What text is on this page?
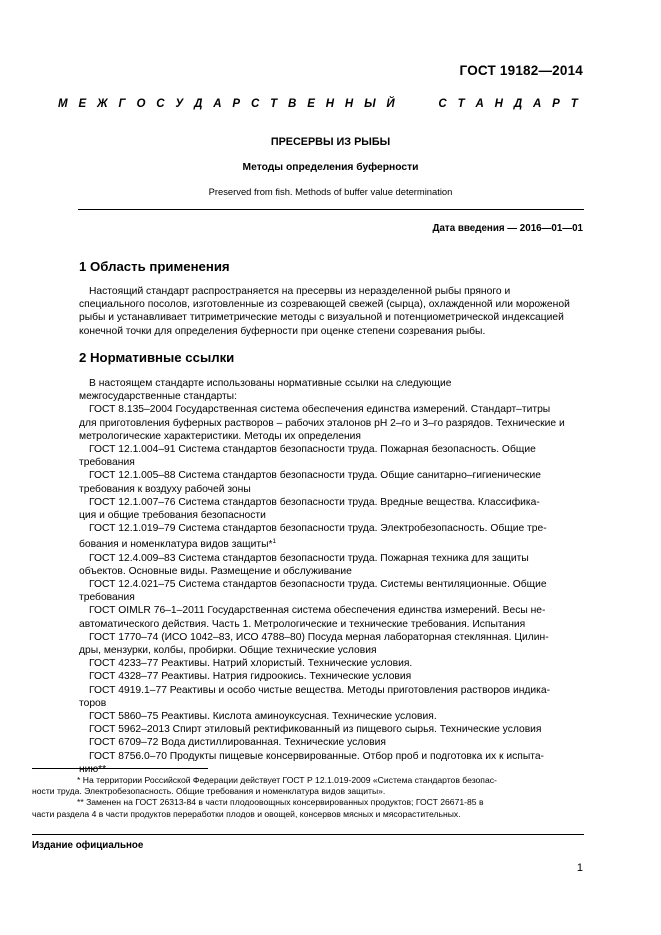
ГОСТ 19182—2014
М Е Ж Г О С У Д А Р С Т В Е Н Н Ы Й	С Т А Н Д А Р Т
ПРЕСЕРВЫ ИЗ РЫБЫ
Методы определения буферности
Preserved from fish. Methods of buffer value determination
Дата введения — 2016—01—01
1 Область применения
Настоящий стандарт распространяется на пресервы из неразделенной рыбы пряного и
специального посолов, изготовленные из созревающей свежей (сырца), охлажденной или мороженой
рыбы и устанавливает титриметрические методы с визуальной и потенциометрической индексацией
конечной точки для определения буферности при оценке степени созревания рыбы.
2 Нормативные ссылки
В настоящем стандарте использованы нормативные ссылки на следующие
межгосударственные стандарты:
ГОСТ 8.135–2004 Государственная система обеспечения единства измерений. Стандарт–титры
для приготовления буферных растворов – рабочих эталонов рН 2–го и 3–го разрядов. Технические и
метрологические характеристики. Методы их определения
ГОСТ 12.1.004–91 Система стандартов безопасности труда. Пожарная безопасность. Общие
требования
ГОСТ 12.1.005–88 Система стандартов безопасности труда. Общие санитарно–гигиенические
требования к воздуху рабочей зоны
ГОСТ 12.1.007–76 Система стандартов безопасности труда. Вредные вещества. Классифика-
ция и общие требования безопасности
ГОСТ 12.1.019–79 Система стандартов безопасности труда. Электробезопасность. Общие тре-
бования и номенклатура видов защиты*$^1$
ГОСТ 12.4.009–83 Система стандартов безопасности труда. Пожарная техника для защиты
объектов. Основные виды. Размещение и обслуживание
ГОСТ 12.4.021–75 Система стандартов безопасности труда. Системы вентиляционные. Общие
требования
ГОСТ OIMLR 76–1–2011 Государственная система обеспечения единства измерений. Весы не-
автоматического действия. Часть 1. Метрологические и технические требования. Испытания
ГОСТ 1770–74 (ИСО 1042–83, ИСО 4788–80) Посуда мерная лабораторная стеклянная. Цилин-
дры, мензурки, колбы, пробирки. Общие технические условия
ГОСТ 4233–77 Реактивы. Натрий хлористый. Технические условия.
ГОСТ 4328–77 Реактивы. Натрия гидроокись. Технические условия
ГОСТ 4919.1–77 Реактивы и особо чистые вещества. Методы приготовления растворов индика-
торов
ГОСТ 5860–75 Реактивы. Кислота аминоуксусная. Технические условия.
ГОСТ 5962–2013 Спирт этиловый ректификованный из пищевого сырья. Технические условия
ГОСТ 6709–72 Вода дистиллированная. Технические условия
ГОСТ 8756.0–70 Продукты пищевые консервированные. Отбор проб и подготовка их к испыта-
нию**
* На территории Российской Федерации действует ГОСТ Р 12.1.019-2009 «Система стандартов безопас-
ности труда. Электробезопасность. Общие требования и номенклатура видов защиты».
** Заменен на ГОСТ 26313-84 в части плодоовощных консервированных продуктов; ГОСТ 26671-85 в
части раздела 4 в части продуктов переработки плодов и овощей, консервов мясных и мясорастительных.
Издание официальное
1
